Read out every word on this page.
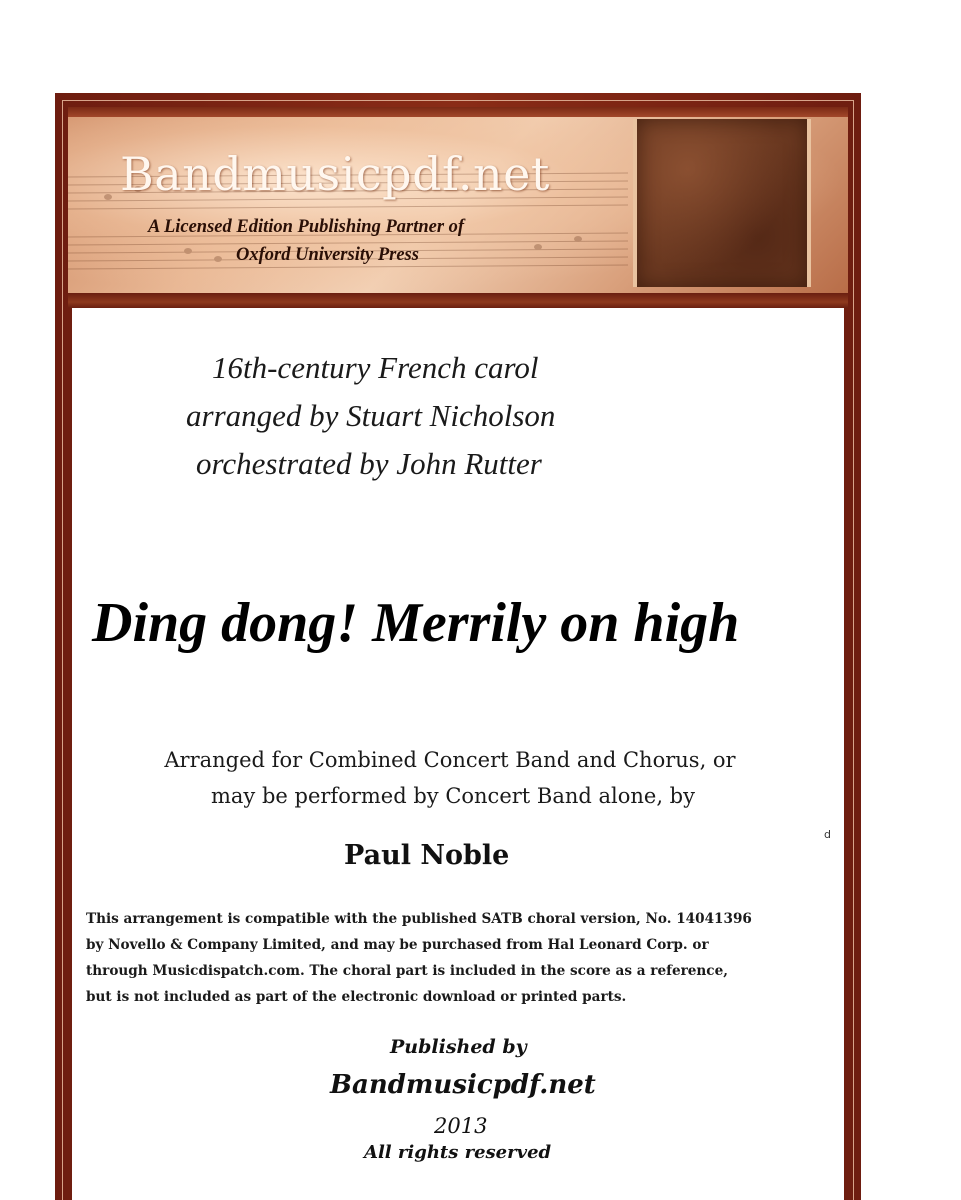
Bandmusicpdf.net
A Licensed Edition Publishing Partner of
Oxford University Press
16th-century French carol
arranged by Stuart Nicholson
orchestrated by John Rutter
Ding dong! Merrily on high
Arranged for Combined Concert Band and Chorus, or
may be performed by Concert Band alone, by
d
Paul Noble
This arrangement is compatible with the published SATB choral version, No. 14041396
by Novello & Company Limited, and may be purchased from Hal Leonard Corp. or
through Musicdispatch.com. The choral part is included in the score as a reference,
but is not included as part of the electronic download or printed parts.
Published by
Bandmusicpdf.net
2013
All rights reserved
